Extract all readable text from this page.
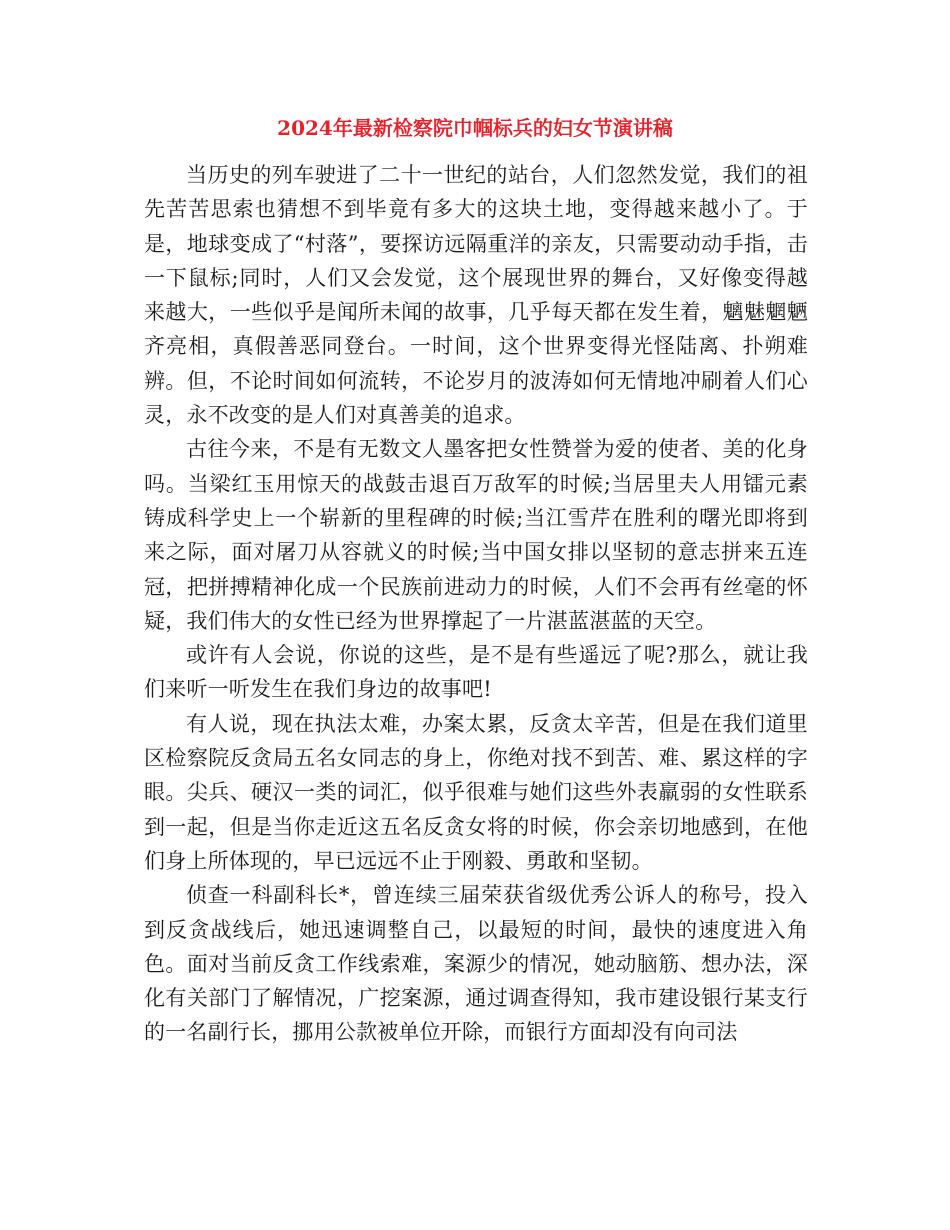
2024年最新检察院巾帼标兵的妇女节演讲稿

当历史的列车驶进了二十一世纪的站台，人们忽然发觉，我们的祖先苦苦思索也猜想不到毕竟有多大的这块土地，变得越来越小了。于是，地球变成了“村落”，要探访远隔重洋的亲友，只需要动动手指，击一下鼠标;同时，人们又会发觉，这个展现世界的舞台，又好像变得越来越大，一些似乎是闻所未闻的故事，几乎每天都在发生着，魑魅魍魉齐亮相，真假善恶同登台。一时间，这个世界变得光怪陆离、扑朔难辨。但，不论时间如何流转，不论岁月的波涛如何无情地冲刷着人们心灵，永不改变的是人们对真善美的追求。

古往今来，不是有无数文人墨客把女性赞誉为爱的使者、美的化身吗。当梁红玉用惊天的战鼓击退百万敌军的时候;当居里夫人用镭元素铸成科学史上一个崭新的里程碑的时候;当江雪芹在胜利的曙光即将到来之际，面对屠刀从容就义的时候;当中国女排以坚韧的意志拼来五连冠，把拼搏精神化成一个民族前进动力的时候，人们不会再有丝毫的怀疑，我们伟大的女性已经为世界撑起了一片湛蓝湛蓝的天空。

或许有人会说，你说的这些，是不是有些遥远了呢?那么，就让我们来听一听发生在我们身边的故事吧!

有人说，现在执法太难，办案太累，反贪太辛苦，但是在我们道里区检察院反贪局五名女同志的身上，你绝对找不到苦、难、累这样的字眼。尖兵、硬汉一类的词汇，似乎很难与她们这些外表羸弱的女性联系到一起，但是当你走近这五名反贪女将的时候，你会亲切地感到，在他们身上所体现的，早已远远不止于刚毅、勇敢和坚韧。

侦查一科副科长*，曾连续三届荣获省级优秀公诉人的称号，投入到反贪战线后，她迅速调整自己，以最短的时间，最快的速度进入角色。面对当前反贪工作线索难，案源少的情况，她动脑筋、想办法，深化有关部门了解情况，广挖案源，通过调查得知，我市建设银行某支行的一名副行长，挪用公款被单位开除，而银行方面却没有向司法
